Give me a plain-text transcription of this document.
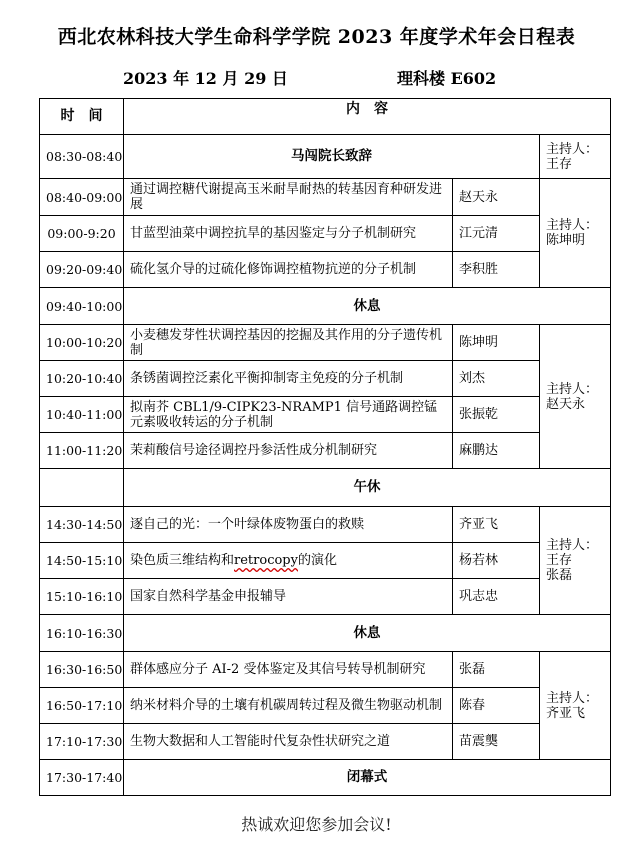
西北农林科技大学生命科学学院 2023 年度学术年会日程表
2023 年 12 月 29 日	理科楼 E602
时　间	内　容		
08:30-08:40	马闯院长致辞		主持人：
王存
08:40-09:00	通过调控糖代谢提高玉米耐旱耐热的转基因育种研发进展	赵天永	主持人：
陈坤明
09:00-9:20	甘蓝型油菜中调控抗旱的基因鉴定与分子机制研究	江元清	
09:20-09:40	硫化氢介导的过硫化修饰调控植物抗逆的分子机制	李积胜	
09:40-10:00	休息		
10:00-10:20	小麦穗发芽性状调控基因的挖掘及其作用的分子遗传机制	陈坤明	主持人：
赵天永
10:20-10:40	条锈菌调控泛素化平衡抑制寄主免疫的分子机制	刘杰	
10:40-11:00	拟南芥 CBL1/9-CIPK23-NRAMP1 信号通路调控锰元素吸收转运的分子机制	张振乾	
11:00-11:20	茉莉酸信号途径调控丹参活性成分机制研究	麻鹏达	
	午休		
14:30-14:50	逐自己的光：一个叶绿体废物蛋白的救赎	齐亚飞	主持人：
王存
张磊
14:50-15:10	染色质三维结构和retrocopy的演化	杨若林	
15:10-16:10	国家自然科学基金申报辅导	巩志忠	
16:10-16:30	休息		
16:30-16:50	群体感应分子 AI-2 受体鉴定及其信号转导机制研究	张磊	主持人：
齐亚飞
16:50-17:10	纳米材料介导的土壤有机碳周转过程及微生物驱动机制	陈春	
17:10-17:30	生物大数据和人工智能时代复杂性状研究之道	苗震龑	
17:30-17:40	闭幕式		
热诚欢迎您参加会议!
